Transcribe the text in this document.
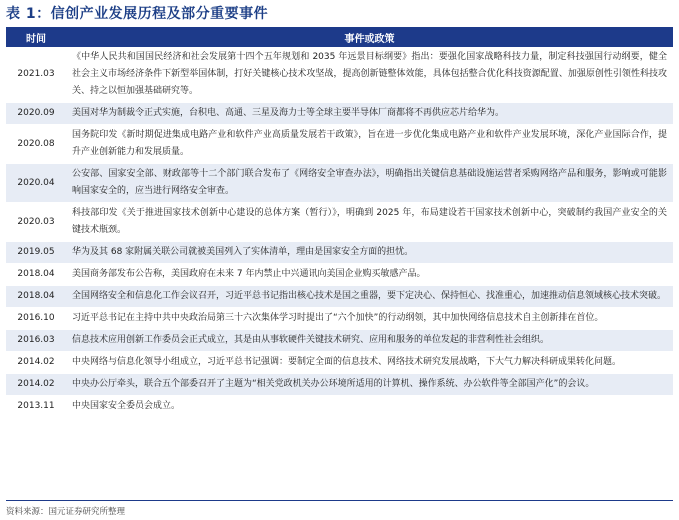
表 1：信创产业发展历程及部分重要事件
时间	事件或政策
2021.03	《中华人民共和国国民经济和社会发展第十四个五年规划和 2035 年远景目标纲要》指出：要强化国家战略科技力量，制定科技强国行动纲要，健全社会主义市场经济条件下新型举国体制，打好关键核心技术攻坚战，提高创新链整体效能，具体包括整合优化科技资源配置、加强原创性引领性科技攻关、持之以恒加强基础研究等。
2020.09	美国对华为制裁令正式实施，台积电、高通、三星及海力士等全球主要半导体厂商都将不再供应芯片给华为。
2020.08	国务院印发《新时期促进集成电路产业和软件产业高质量发展若干政策》，旨在进一步优化集成电路产业和软件产业发展环境，深化产业国际合作，提升产业创新能力和发展质量。
2020.04	公安部、国家安全部、财政部等十二个部门联合发布了《网络安全审查办法》，明确指出关键信息基础设施运营者采购网络产品和服务，影响或可能影响国家安全的，应当进行网络安全审查。
2020.03	科技部印发《关于推进国家技术创新中心建设的总体方案（暂行）》，明确到 2025 年，布局建设若干国家技术创新中心，突破制约我国产业安全的关键技术瓶颈。
2019.05	华为及其 68 家附属关联公司就被美国列入了实体清单，理由是国家安全方面的担忧。
2018.04	美国商务部发布公告称，美国政府在未来 7 年内禁止中兴通讯向美国企业购买敏感产品。
2018.04	全国网络安全和信息化工作会议召开，习近平总书记指出核心技术是国之重器，要下定决心、保持恒心、找准重心，加速推动信息领域核心技术突破。
2016.10	习近平总书记在主持中共中央政治局第三十六次集体学习时提出了“六个加快”的行动纲领，其中加快网络信息技术自主创新排在首位。
2016.03	信息技术应用创新工作委员会正式成立，其是由从事软硬件关键技术研究、应用和服务的单位发起的非营利性社会组织。
2014.02	中央网络与信息化领导小组成立，习近平总书记强调：要制定全面的信息技术、网络技术研究发展战略，下大气力解决科研成果转化问题。
2014.02	中央办公厅牵头，联合五个部委召开了主题为“相关党政机关办公环境所适用的计算机、操作系统、办公软件等全部国产化”的会议。
2013.11	中央国家安全委员会成立。
资料来源：国元证券研究所整理
